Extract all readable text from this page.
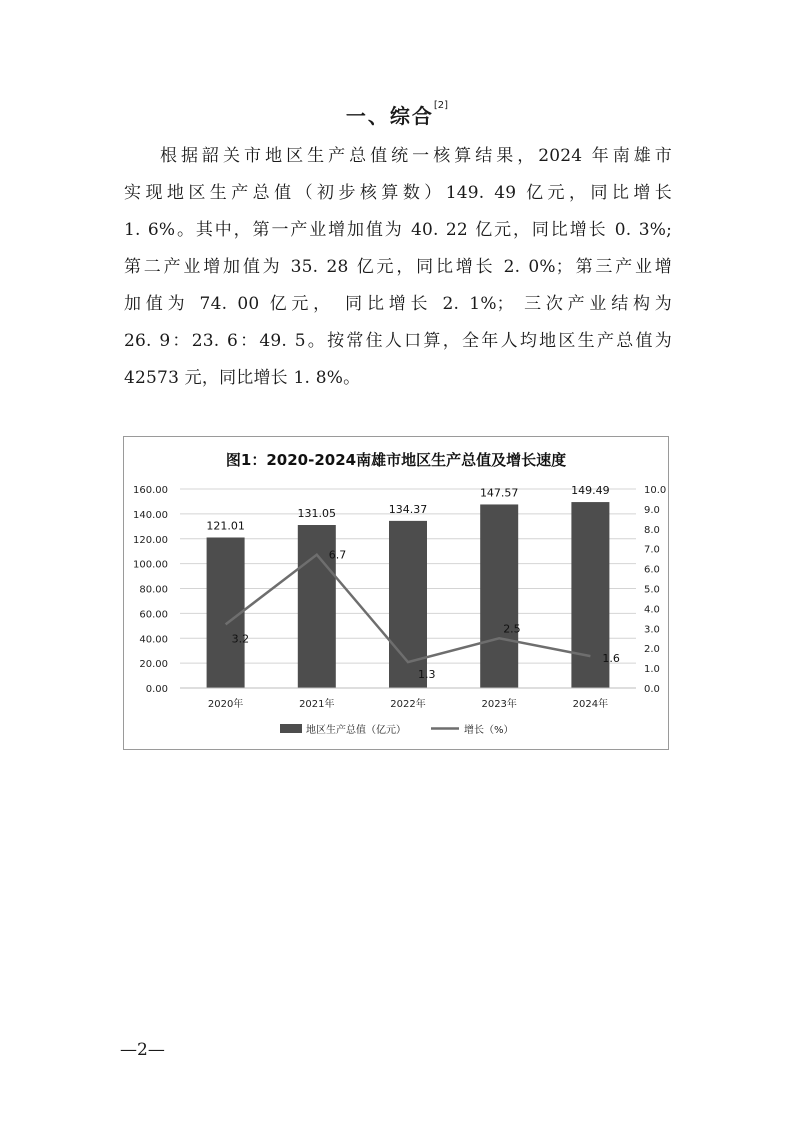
一、综合[2]
根据韶关市地区生产总值统一核算结果，2024 年南雄市
实现地区生产总值（初步核算数）149. 49 亿元，同比增长
1. 6%。其中，第一产业增加值为 40. 22 亿元，同比增长 0. 3%;
第二产业增加值为 35. 28 亿元，同比增长 2. 0%；第三产业增
加值为 74. 00 亿元， 同比增长 2. 1%； 三次产业结构为
26. 9：23. 6：49. 5。按常住人口算，全年人均地区生产总值为
42573 元，同比增长 1. 8%。
图1：2020-2024南雄市地区生产总值及增长速度
0.00
20.00
40.00
60.00
80.00
100.00
120.00
140.00
160.00
0.0
1.0
2.0
3.0
4.0
5.0
6.0
7.0
8.0
9.0
10.0
121.01
131.05	134.37
147.57	149.49
2020年	2021年	2022年	2023年	2024年
3.2
6.7
1.3
2.5
1.6
地区生产总值（亿元）	增长（%）
—2—
